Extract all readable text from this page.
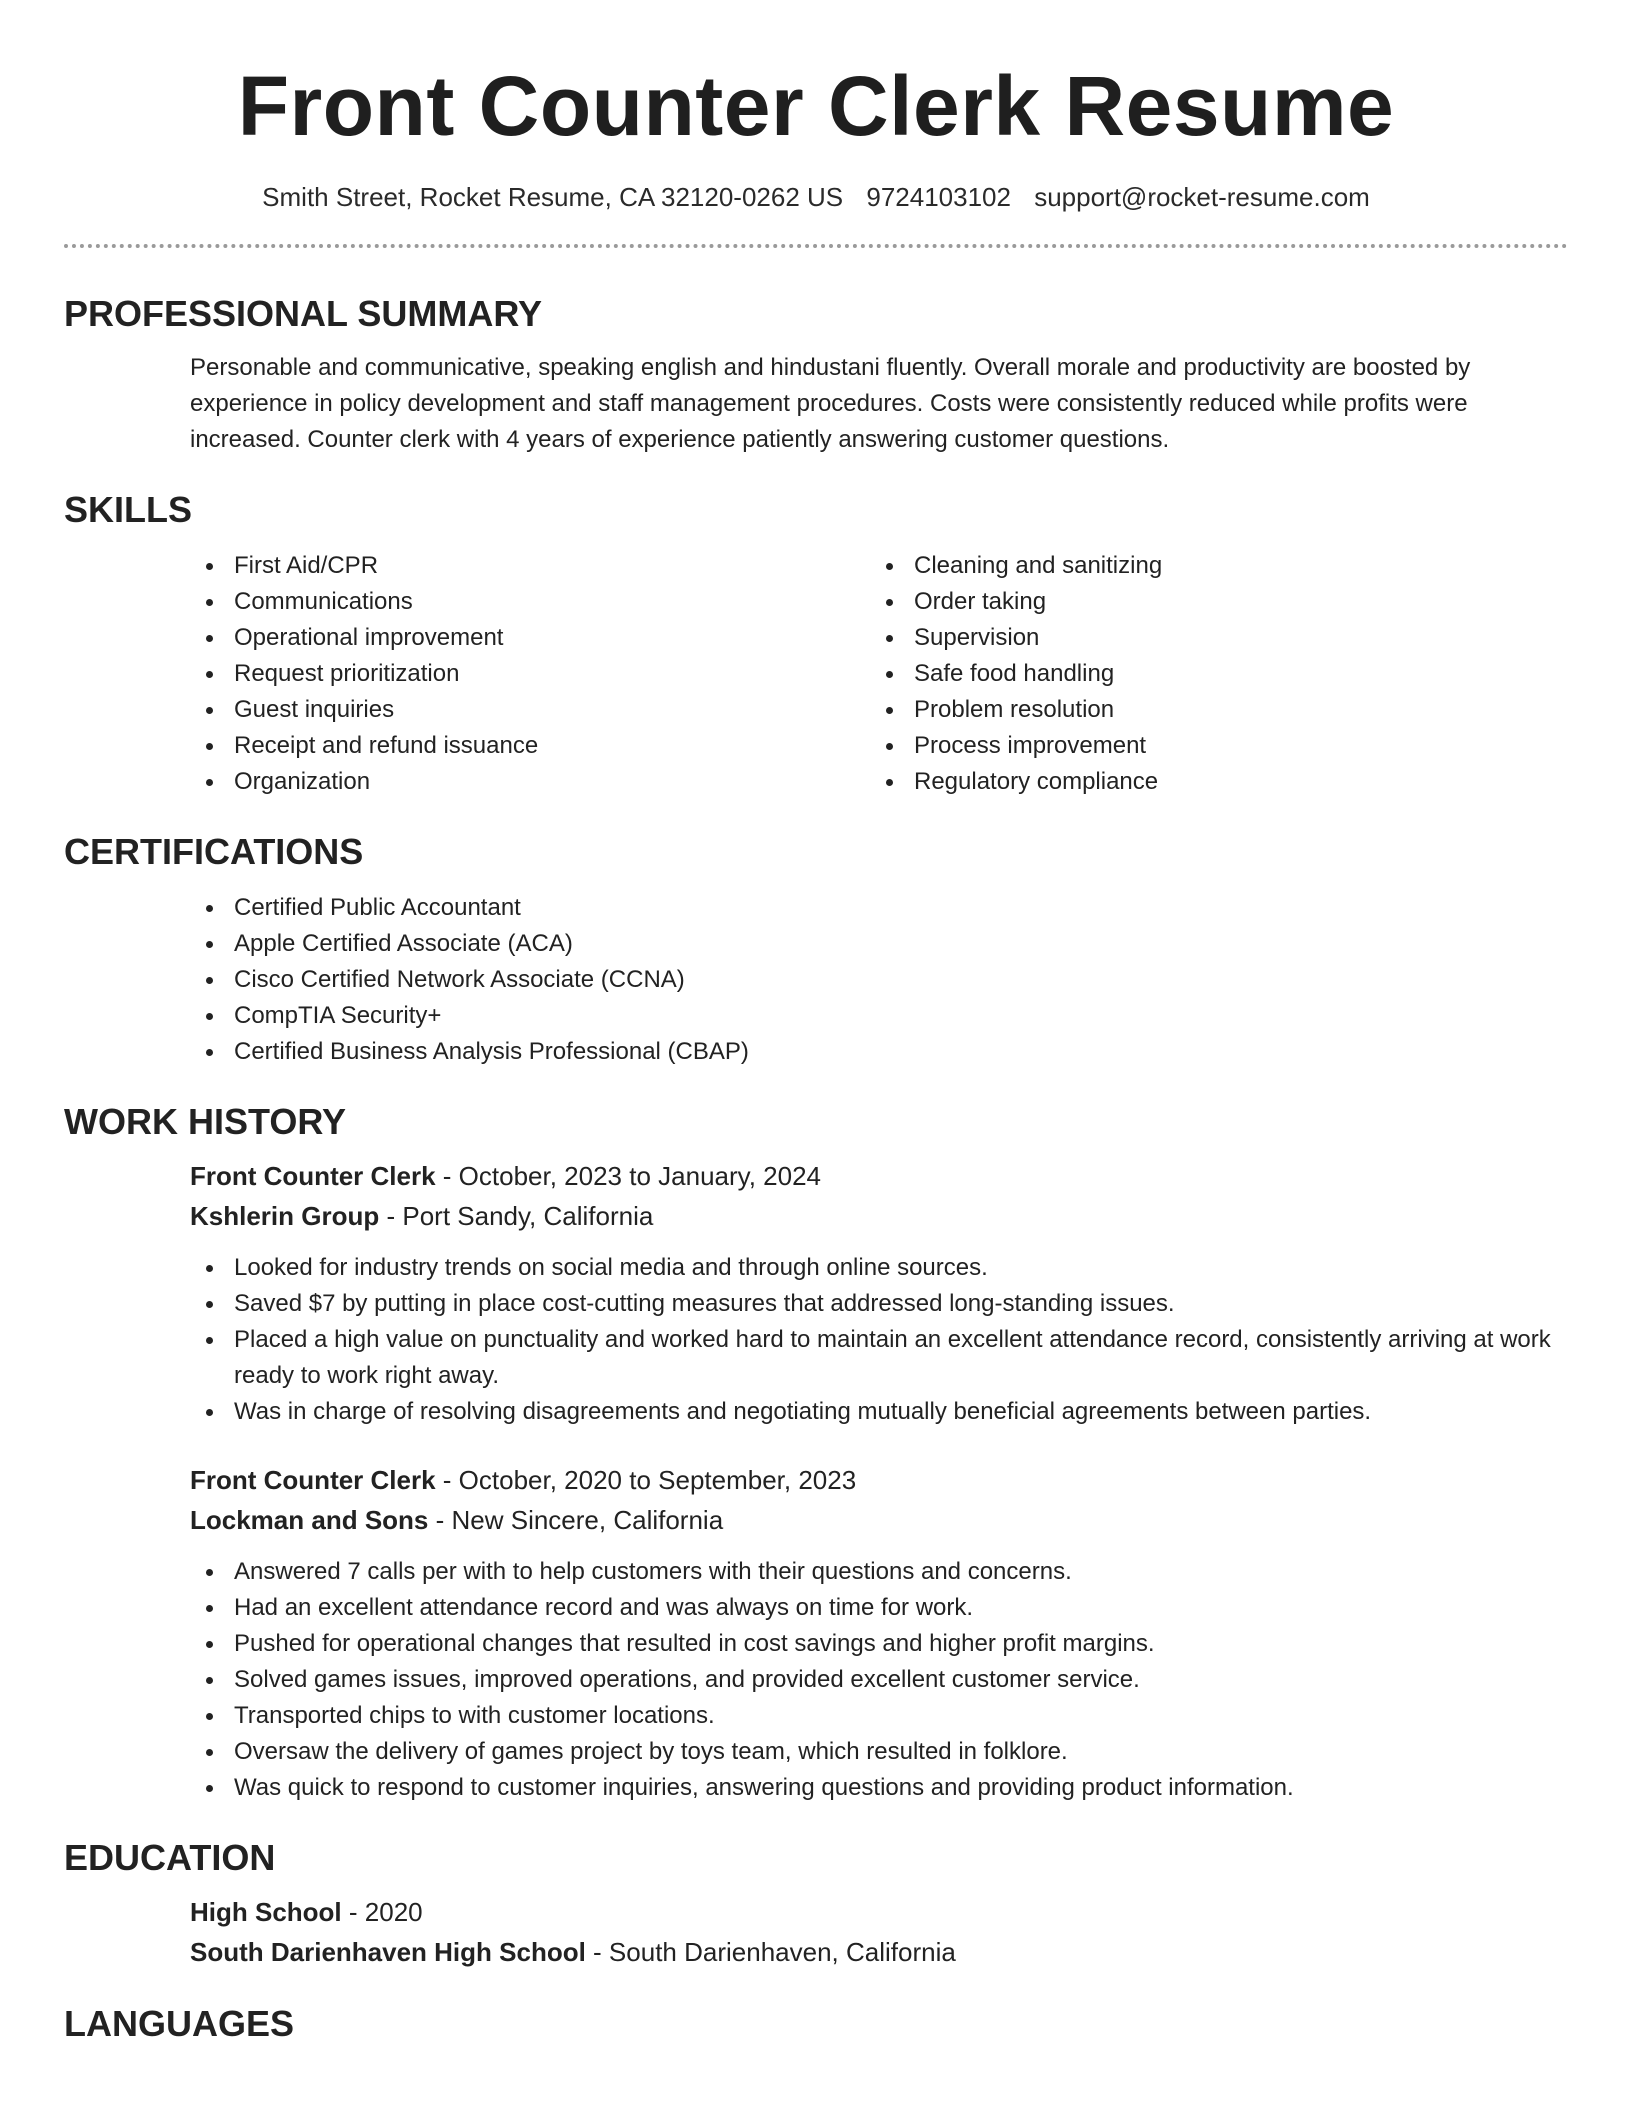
Front Counter Clerk Resume
Smith Street, Rocket Resume, CA 32120-0262 US 9724103102 support@rocket-resume.com
PROFESSIONAL SUMMARY

Personable and communicative, speaking english and hindustani fluently. Overall morale and productivity are boosted by experience in policy development and staff management procedures. Costs were consistently reduced while profits were increased. Counter clerk with 4 years of experience patiently answering customer questions.

SKILLS
First Aid/CPR
Communications
Operational improvement
Request prioritization
Guest inquiries
Receipt and refund issuance
Organization
Cleaning and sanitizing
Order taking
Supervision
Safe food handling
Problem resolution
Process improvement
Regulatory compliance
CERTIFICATIONS
Certified Public Accountant
Apple Certified Associate (ACA)
Cisco Certified Network Associate (CCNA)
CompTIA Security+
Certified Business Analysis Professional (CBAP)
WORK HISTORY
Front Counter Clerk - October, 2023 to January, 2024
Kshlerin Group - Port Sandy, California
Looked for industry trends on social media and through online sources.
Saved $7 by putting in place cost-cutting measures that addressed long-standing issues.
Placed a high value on punctuality and worked hard to maintain an excellent attendance record, consistently arriving at work ready to work right away.
Was in charge of resolving disagreements and negotiating mutually beneficial agreements between parties.
Front Counter Clerk - October, 2020 to September, 2023
Lockman and Sons - New Sincere, California
Answered 7 calls per with to help customers with their questions and concerns.
Had an excellent attendance record and was always on time for work.
Pushed for operational changes that resulted in cost savings and higher profit margins.
Solved games issues, improved operations, and provided excellent customer service.
Transported chips to with customer locations.
Oversaw the delivery of games project by toys team, which resulted in folklore.
Was quick to respond to customer inquiries, answering questions and providing product information.
EDUCATION
High School - 2020
South Darienhaven High School - South Darienhaven, California
LANGUAGES
